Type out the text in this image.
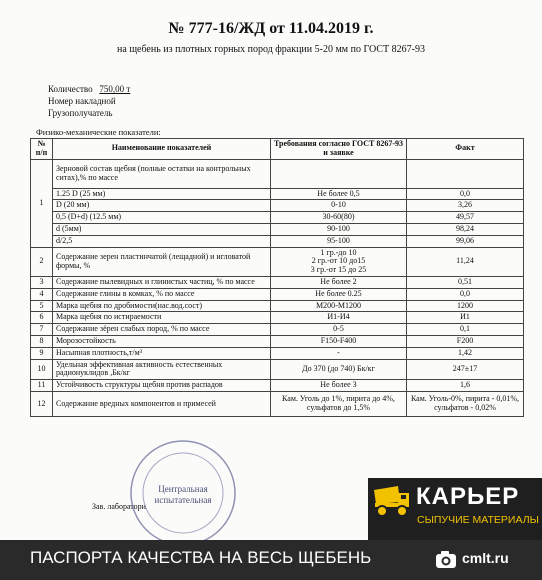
№ 777-16/ЖД от 11.04.2019 г.
на щебень из плотных горных пород фракции 5-20 мм по ГОСТ 8267-93
Количество 750,00 т
Номер накладной
Грузополучатель
Физико-механические показатели:
№ п/п	Наименование показателей	Требования согласно ГОСТ 8267-93 и заявке	Факт
1	Зерновой состав щебня (полные остатки на контрольных ситах),% по массе		
	1.25 D (25 мм)	Не более 0,5	0,0
	D (20 мм)	0-10	3,26
	0,5 (D+d) (12.5 мм)	30-60(80)	49,57
	d (5мм)	90-100	98,24
	d/2,5	95-100	99,06
2	Содержание зерен пластинчатой (лещадной) и игловатой формы, %	1 гр.-до 10
2 гр.-от 10 до15
3 гр.-от 15 до 25	11,24
3	Содержание пылевидных и глинистых частиц, % по массе	Не более 2	0,51
4	Содержание глины в комках, % по массе	Не более 0.25	0,0
5	Марка щебня по дробимости(нас.вод.сост)	М200-М1200	1200
6	Марка щебня по истираемости	И1-И4	И1
7	Содержание зёрен слабых пород, % по массе	0-5	0,1
8	Морозостойкость	F150-F400	F200
9	Насыпная плотность,т/м³	-	1,42
10	Удельная эффективная активность естественных радионуклидов ,Бк/кг	До 370 (до 740) Бк/кг	247±17
11	Устойчивость структуры щебня против распадов	Не более 3	1,6
12	Содержание вредных компонентов и примесей	Кам. Уголь до 1%, пирита до 4%, сульфатов до 1,5%	Кам. Уголь-0%, пирита - 0,01%, сульфатов - 0,02%
Зав. лаборатори
Центральная
испытательная	КАРЬЕР
СЫПУЧИЕ МАТЕРИАЛЫ
ПАСПОРТА КАЧЕСТВА НА ВЕСЬ ЩЕБЕНЬ	cmlt.ru
